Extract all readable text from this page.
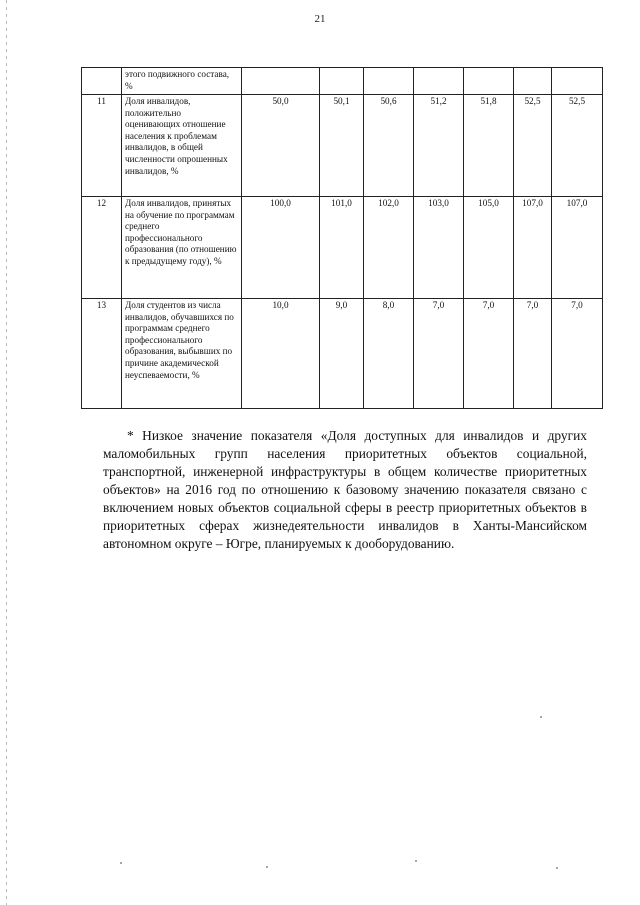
21
	этого подвижного состава, %							
11	Доля инвалидов, положительно оценивающих отношение населения к проблемам инвалидов, в общей численности опрошенных инвалидов, %	50,0	50,1	50,6	51,2	51,8	52,5	52,5
12	Доля инвалидов, принятых на обучение по программам среднего профессионального образования (по отношению к предыдущему году), %	100,0	101,0	102,0	103,0	105,0	107,0	107,0
13	Доля студентов из числа инвалидов, обучавшихся по программам среднего профессионального образования, выбывших по причине академической неуспеваемости, %	10,0	9,0	8,0	7,0	7,0	7,0	7,0
* Низкое значение показателя «Доля доступных для инвалидов и других маломобильных групп населения приоритетных объектов социальной, транспортной, инженерной инфраструктуры в общем количестве приоритетных объектов» на 2016 год по отношению к базовому значению показателя связано с включением новых объектов социальной сферы в реестр приоритетных объектов в приоритетных сферах жизнедеятельности инвалидов в Ханты-Мансийском автономном округе – Югре, планируемых к дооборудованию.
